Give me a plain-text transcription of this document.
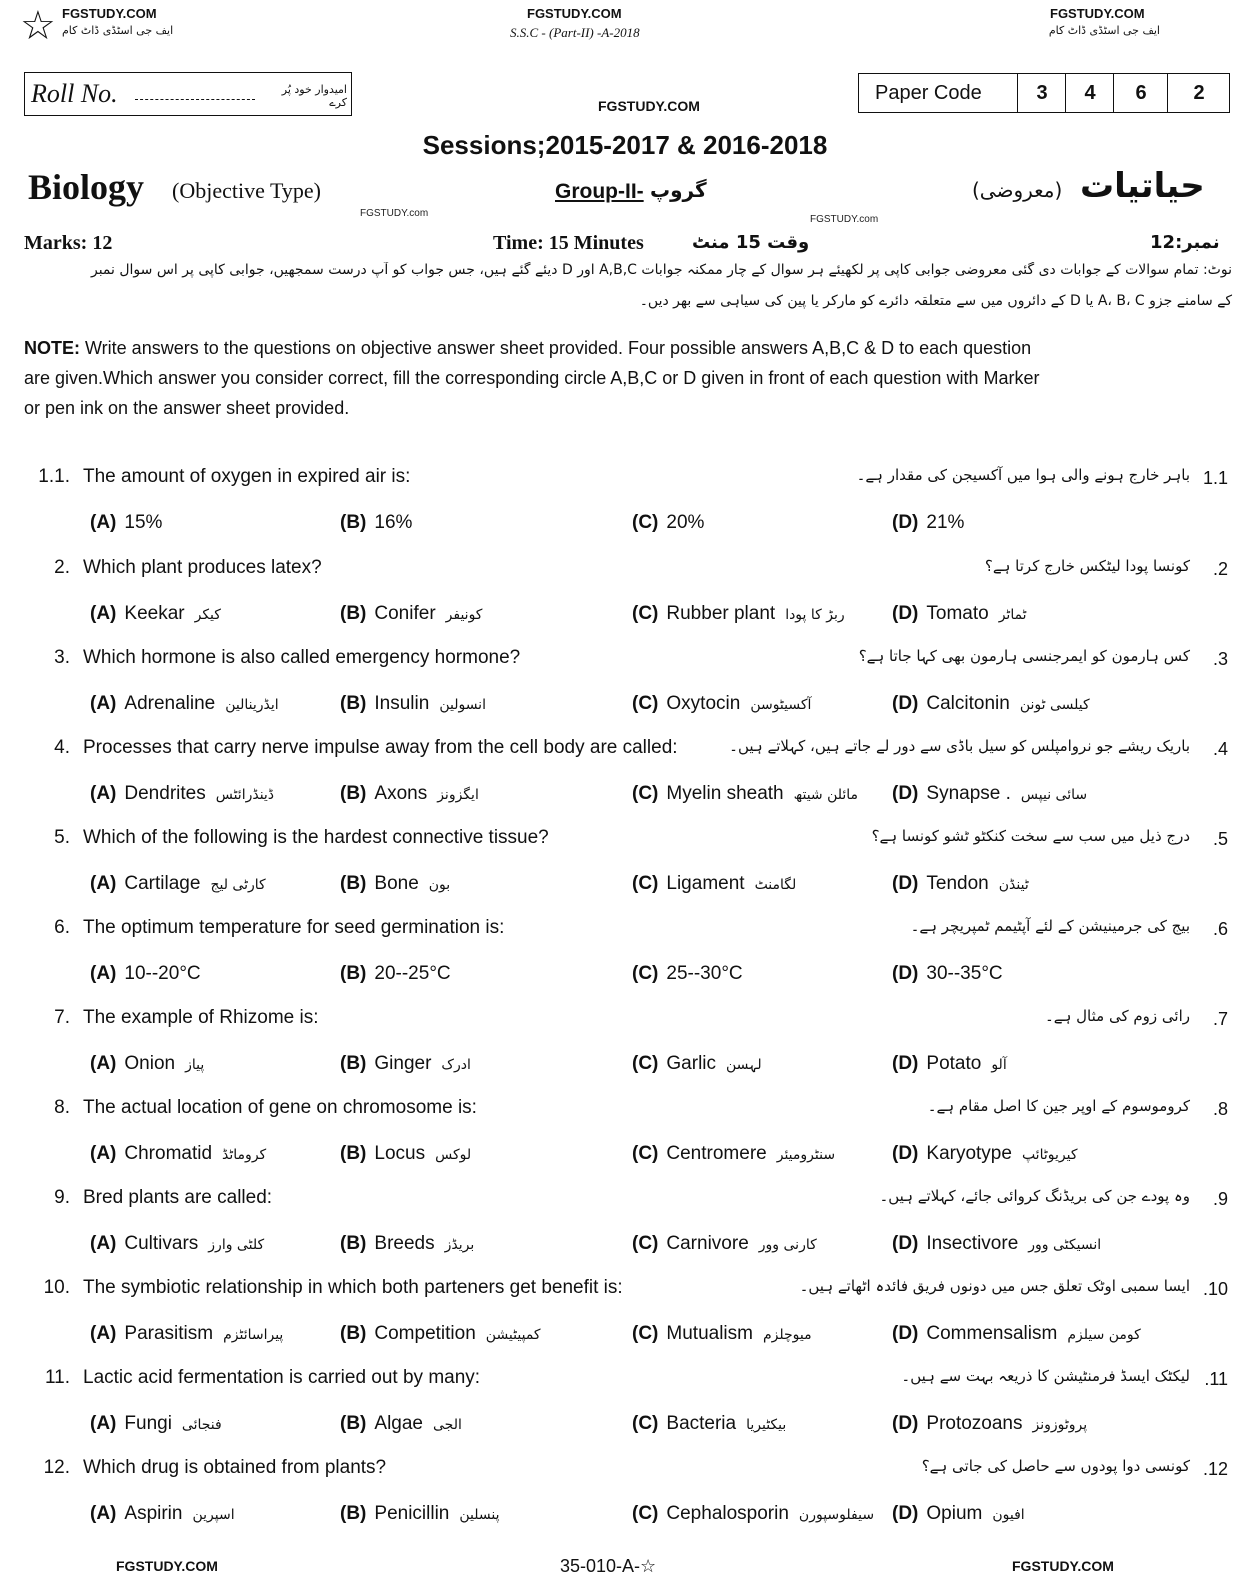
☆ FGSTUDY.COM
ایف جی اسٹڈی ڈاٹ کام
FGSTUDY.COM
S.S.C - (Part-II) -A-2018
FGSTUDY.COM
ایف جی اسٹڈی ڈاٹ کام
Roll No.	امیدوار خود پُر کرے	FGSTUDY.COM
Paper Code	3	4	6	2
Sessions;2015-2017 & 2016-2018
Biology (Objective Type)	Group-II- گروپ	حیاتیات
(معروضی)
FGSTUDY.com
FGSTUDY.com
Marks: 12	Time: 15 Minutes	وقت 15 منٹ	نمبر:12
نوٹ: تمام سوالات کے جوابات دی گئی معروضی جوابی کاپی پر لکھیئے ہر سوال کے چار ممکنہ جوابات A,B,C اور D دیئے گئے ہیں، جس جواب کو آپ درست سمجھیں، جوابی کاپی پر اس سوال نمبر
کے سامنے جزو A، B، C یا D کے دائروں میں سے متعلقہ دائرے کو مارکر یا پین کی سیاہی سے بھر دیں۔
NOTE: Write answers to the questions on objective answer sheet provided. Four possible answers A,B,C & D to each question
are given.Which answer you consider correct, fill the corresponding circle A,B,C or D given in front of each question with Marker
or pen ink on the answer sheet provided.
1.1. The amount of oxygen in expired air is:	باہر خارج ہونے والی ہوا میں آکسیجن کی مقدار ہے۔ 1.1
(A) 15%	(B) 16%	(C) 20%	(D) 21%
2. Which plant produces latex?	کونسا پودا لیٹکس خارج کرتا ہے؟ .2
(A) Keekar کیکر	(B) Conifer کونیفر	(C) Rubber plant ربڑ کا پودا (D) Tomato ٹماٹر
3. Which hormone is also called emergency hormone?	کس ہارمون کو ایمرجنسی ہارمون بھی کہا جاتا ہے؟ .3
(A) Adrenaline ایڈرینالین	(B) Insulin انسولین	(C) Oxytocin آکسیٹوسن	(D) Calcitonin کیلسی ٹونن
4. Processes that carry nerve impulse away from the cell body are called:	باریک ریشے جو نروامپلس کو سیل باڈی سے دور لے جاتے ہیں، کہلاتے ہیں۔ .4
(A) Dendrites ڈینڈرائٹس	(B) Axons ایگزونز	(C) Myelin sheath مائلن شیتھ (D) Synapse . سائی نیپس
5. Which of the following is the hardest connective tissue?	درج ذیل میں سب سے سخت کنکٹو ٹشو کونسا ہے؟ .5
(A) Cartilage کارٹی لیج	(B) Bone بون	(C) Ligament لگامنٹ	(D) Tendon ٹینڈن
6. The optimum temperature for seed germination is:	بیج کی جرمینیشن کے لئے آپٹیمم ٹمپریچر ہے۔ .6
(A) 10--20°C	(B) 20--25°C	(C) 25--30°C	(D) 30--35°C
7. The example of Rhizome is:	رائی زوم کی مثال ہے۔ .7
(A) Onion پیاز	(B) Ginger ادرک	(C) Garlic لہسن	(D) Potato آلو
8. The actual location of gene on chromosome is:	کروموسوم کے اوپر جین کا اصل مقام ہے۔ .8
(A) Chromatid کروماٹڈ	(B) Locus لوکس	(C) Centromere سنٹرومیئر	(D) Karyotype کیریوٹائپ
9. Bred plants are called:	وہ پودے جن کی بریڈنگ کروائی جائے، کہلاتے ہیں۔ .9
(A) Cultivars کلٹی وارز	(B) Breeds بریڈز	(C) Carnivore کارنی وور	(D) Insectivore انسیکٹی وور
10. The symbiotic relationship in which both parteners get benefit is:	ایسا سمبی اوٹک تعلق جس میں دونوں فریق فائدہ اٹھاتے ہیں۔ .10
(A) Parasitism پیراسائٹزم	(B) Competition کمپیٹیشن	(C) Mutualism میوچلزم	(D) Commensalism کومن سیلزم
11. Lactic acid fermentation is carried out by many:	لیکٹک ایسڈ فرمنٹیشن کا ذریعہ بہت سے ہیں۔ .11
(A) Fungi فنجائی	(B) Algae الجی	(C) Bacteria بیکٹیریا	(D) Protozoans پروٹوزونز
12. Which drug is obtained from plants?	کونسی دوا پودوں سے حاصل کی جاتی ہے؟ .12
(A) Aspirin اسپرین	(B) Penicillin پنسلین	(C) Cephalosporin سیفلوسپورن (D) Opium افیون
FGSTUDY.COM	35-010-A-☆	FGSTUDY.COM
